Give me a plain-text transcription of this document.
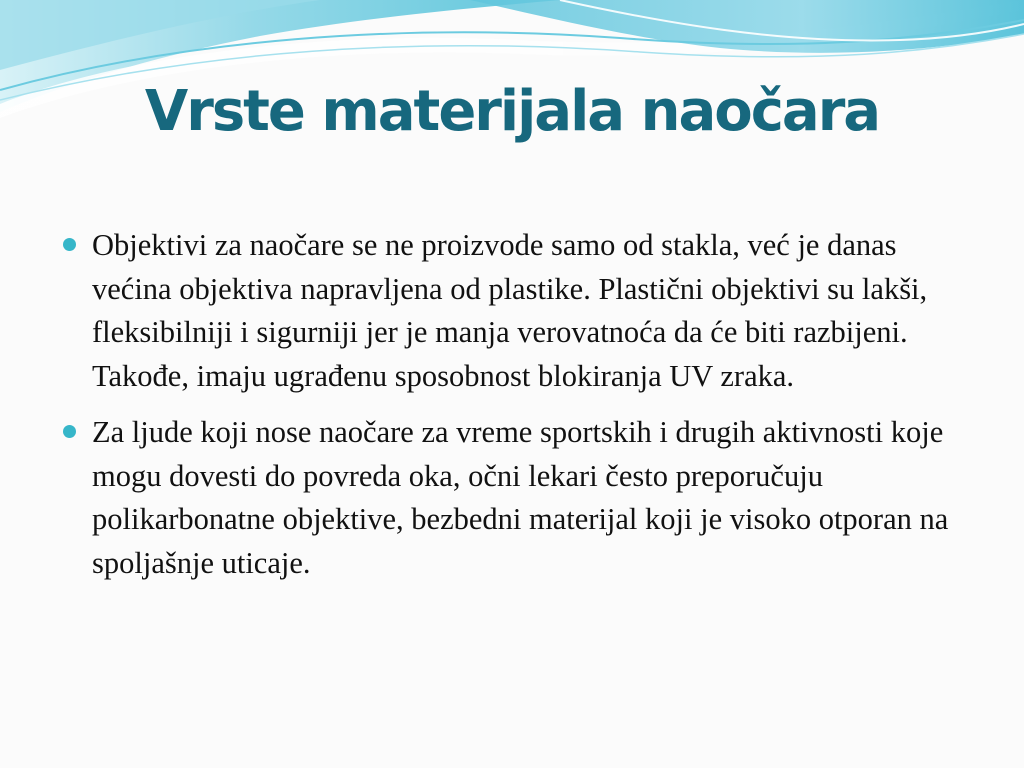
Vrste materijala naočara
Objektivi za naočare se ne proizvode samo od stakla, već je danas većina objektiva napravljena od plastike. Plastični objektivi su lakši, fleksibilniji i sigurniji jer je manja verovatnoća da će biti razbijeni. Takođe, imaju ugrađenu sposobnost blokiranja UV zraka.
Za ljude koji nose naočare za vreme sportskih i drugih aktivnosti koje mogu dovesti do povreda oka, očni lekari često preporučuju polikarbonatne objektive, bezbedni materijal koji je visoko otporan na spoljašnje uticaje.
